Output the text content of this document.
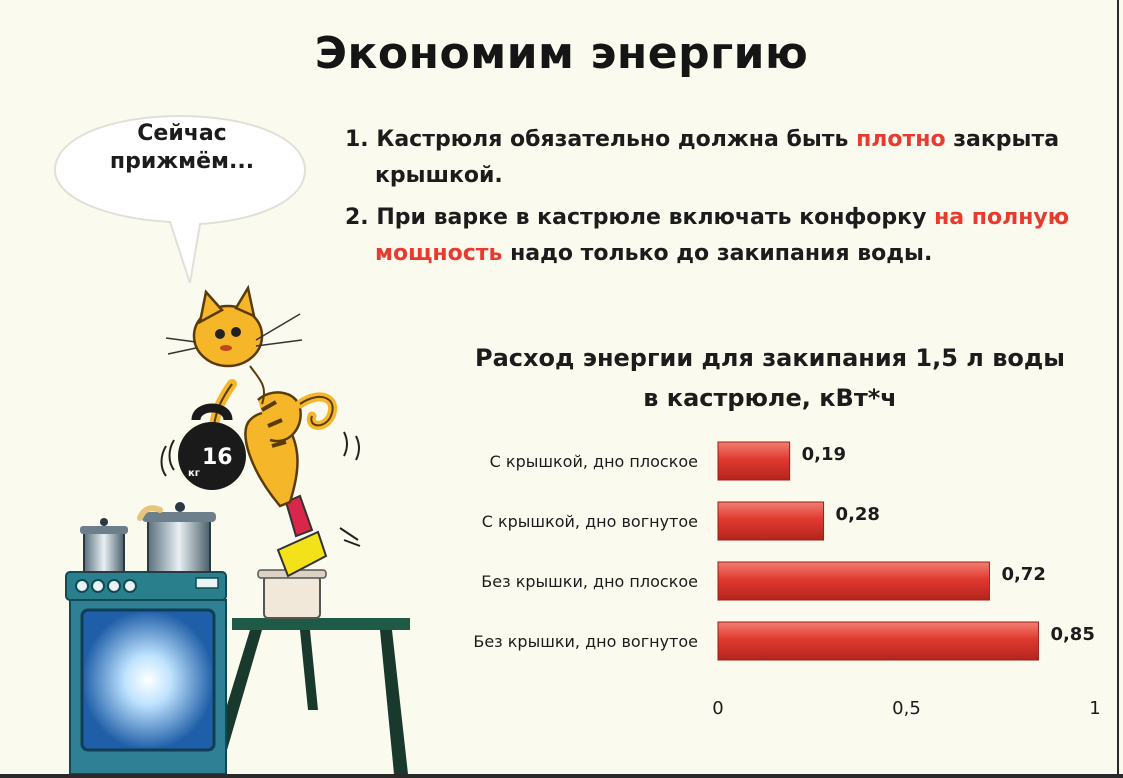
Экономим энергию
Сейчас прижмём...
1. Кастрюля обязательно должна быть плотно закрыта крышкой.
2. При варке в кастрюле включать конфорку на полную мощность надо только до закипания воды.
Расход энергии для закипания 1,5 л воды
в кастрюле, кВт*ч
С крышкой, дно плоское	0,19
С крышкой, дно вогнутое	0,28
Без крышки, дно плоское	0,72
Без крышки, дно вогнутое	0,85
0	0,5	1
16
кг
